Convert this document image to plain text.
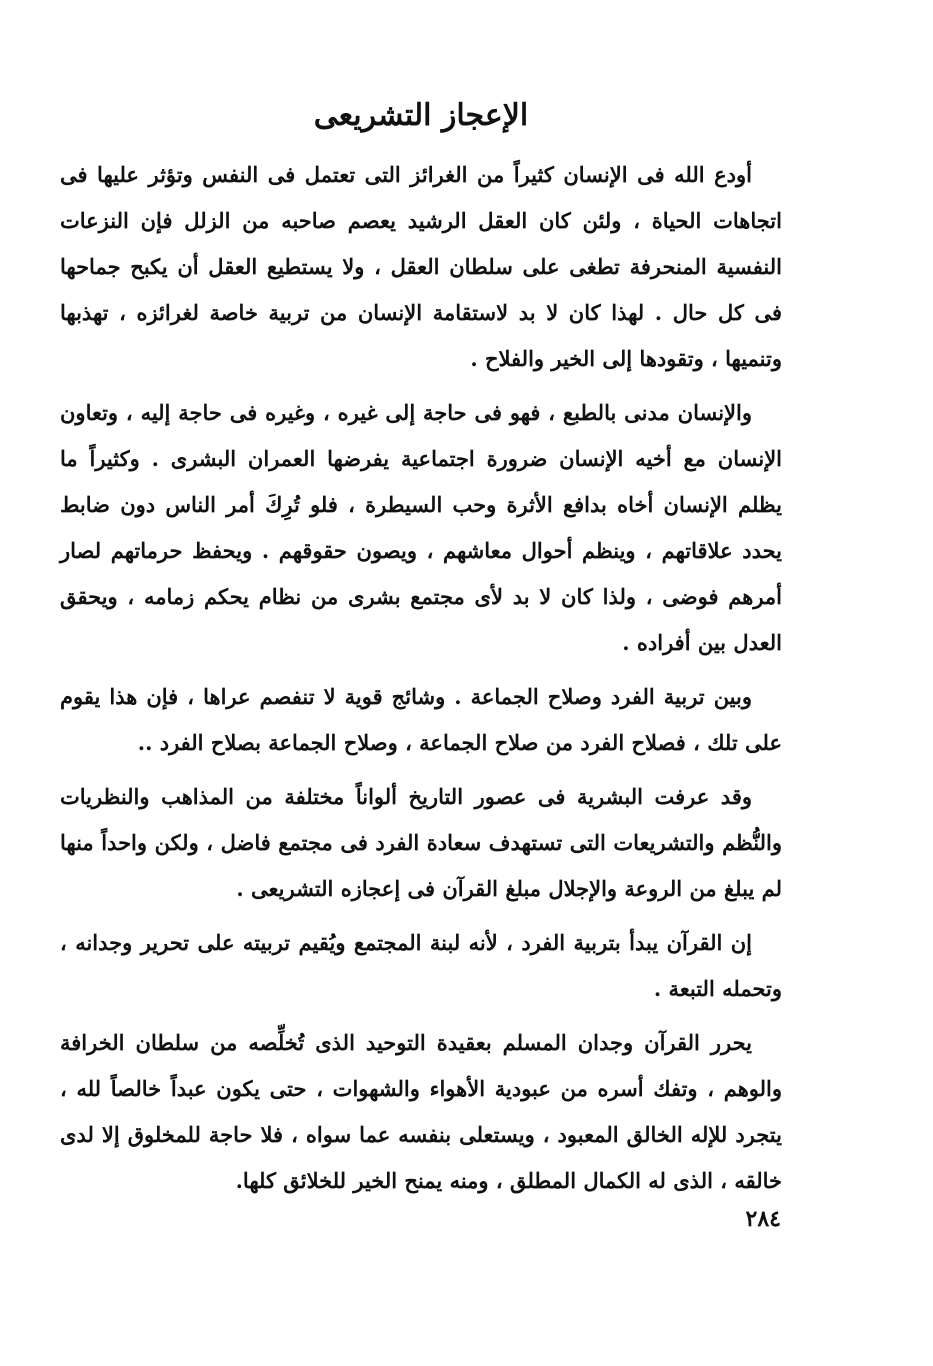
الإعجاز التشريعى

أودع الله فى الإنسان كثيراً من الغرائز التى تعتمل فى النفس وتؤثر عليها فى اتجاهات الحياة ، ولئن كان العقل الرشيد يعصم صاحبه من الزلل فإن النزعات النفسية المنحرفة تطغى على سلطان العقل ، ولا يستطيع العقل أن يكبح جماحها فى كل حال . لهذا كان لا بد لاستقامة الإنسان من تربية خاصة لغرائزه ، تهذبها وتنميها ، وتقودها إلى الخير والفلاح .

والإنسان مدنى بالطبع ، فهو فى حاجة إلى غيره ، وغيره فى حاجة إليه ، وتعاون الإنسان مع أخيه الإنسان ضرورة اجتماعية يفرضها العمران البشرى . وكثيراً ما يظلم الإنسان أخاه بدافع الأثرة وحب السيطرة ، فلو تُرِكَ أمر الناس دون ضابط يحدد علاقاتهم ، وينظم أحوال معاشهم ، ويصون حقوقهم . ويحفظ حرماتهم لصار أمرهم فوضى ، ولذا كان لا بد لأى مجتمع بشرى من نظام يحكم زمامه ، ويحقق العدل بين أفراده .

وبين تربية الفرد وصلاح الجماعة . وشائج قوية لا تنفصم عراها ، فإن هذا يقوم على تلك ، فصلاح الفرد من صلاح الجماعة ، وصلاح الجماعة بصلاح الفرد ..

وقد عرفت البشرية فى عصور التاريخ ألواناً مختلفة من المذاهب والنظريات والنُّظم والتشريعات التى تستهدف سعادة الفرد فى مجتمع فاضل ، ولكن واحداً منها لم يبلغ من الروعة والإجلال مبلغ القرآن فى إعجازه التشريعى .

إن القرآن يبدأ بتربية الفرد ، لأنه لبنة المجتمع ويُقيم تربيته على تحرير وجدانه ، وتحمله التبعة .

يحرر القرآن وجدان المسلم بعقيدة التوحيد الذى تُخلِّصه من سلطان الخرافة والوهم ، وتفك أسره من عبودية الأهواء والشهوات ، حتى يكون عبداً خالصاً لله ، يتجرد للإله الخالق المعبود ، ويستعلى بنفسه عما سواه ، فلا حاجة للمخلوق إلا لدى خالقه ، الذى له الكمال المطلق ، ومنه يمنح الخير للخلائق كلها.

٢٨٤
